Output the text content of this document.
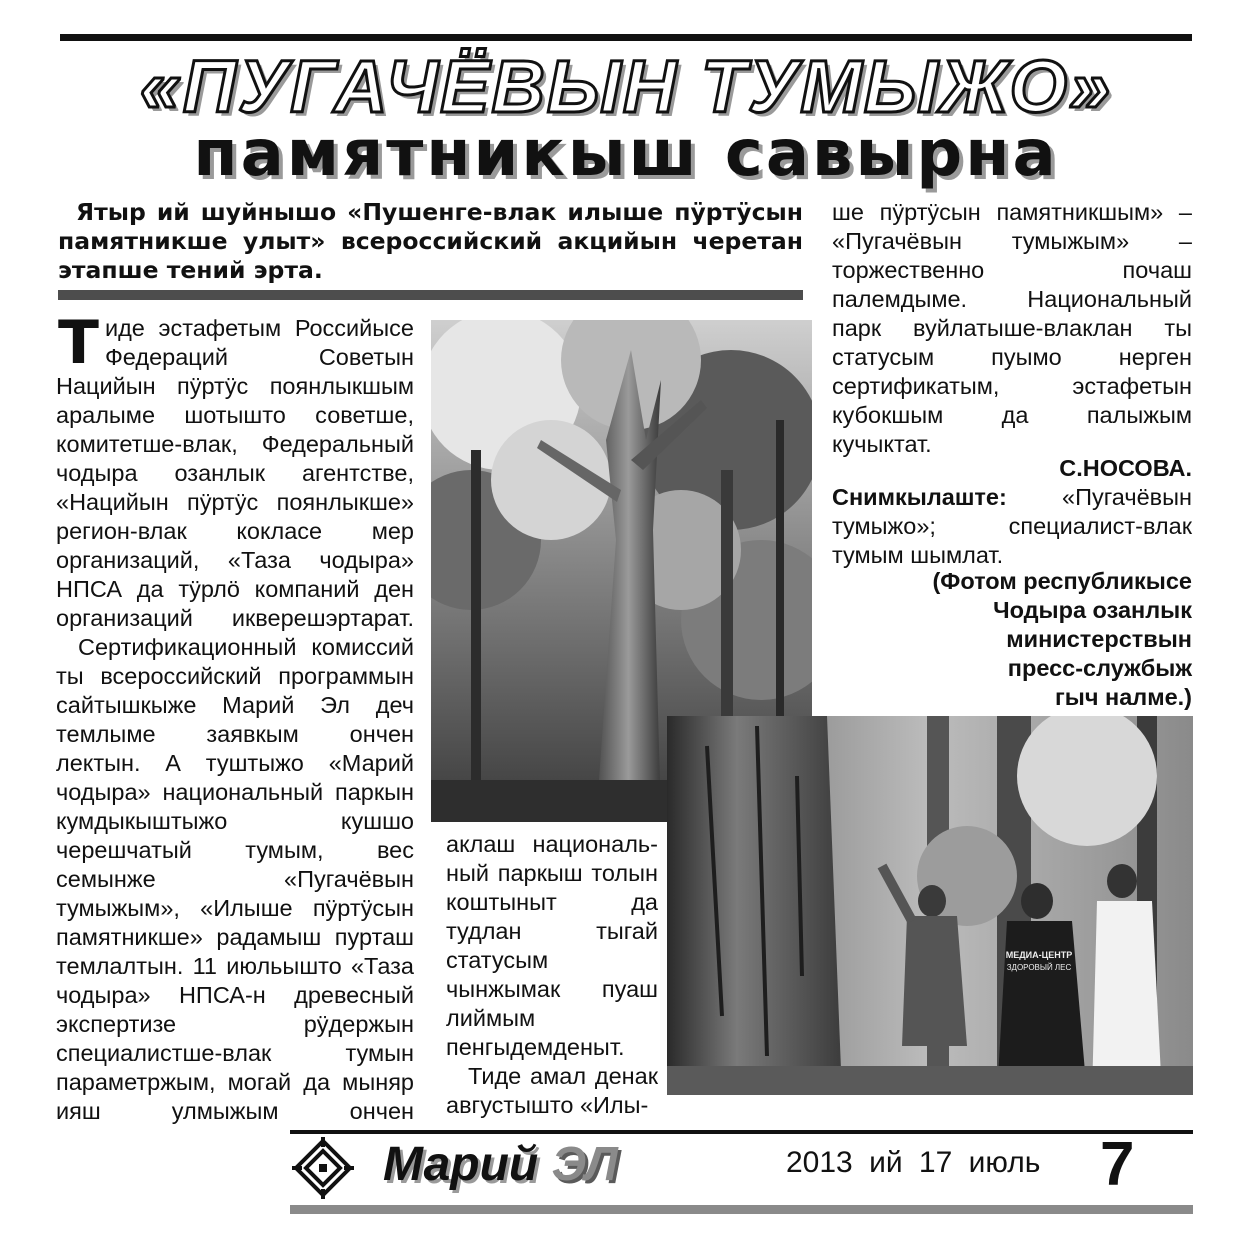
«ПУГАЧЁВЫН ТУМЫЖО»
памятникыш савырна
Ятыр ий шуйнышо «Пушенге-влак илыше пӱртӱсын памятникше улыт» всероссийский акцийын черетан этапше тений эрта.

Т иде эстафетым Российысе Федераций Советын Нацийын пӱртӱс поянлыкшым аралыме шотышто советше, комитетше-влак, Федеральный чодыра озанлык агентстве, «Нацийын пӱртӱс поянлыкше» регион-влак кокласе мер организаций, «Таза чодыра» НПСА да тӱрлӧ компаний ден организаций икверешэртарат.

Сертификационный комиссий ты всероссийский программын сайтышкыже Марий Эл деч темлыме заявкым ончен лектын. А туштыжо «Марий чодыра» национальный паркын кумдыкыштыжо кушшо черешчатый тумым, вес семынже «Пугачёвын тумыжым», «Илыше пӱртӱсын памятникше» радамыш пурташ темлалтын. 11 июльышто «Таза чодыра» НПСА-н древесный экспертизе рӱдержын специалистше-влак тумын параметржым, могай да мыняр ияш улмыжым ончен

аклаш националь-ный паркыш толын коштыныт да тудлан тыгай статусым чынжымак пуаш лиймым пенгыдемденыт.

Тиде амал денак августышто «Илы-

ше пӱртӱсын памятникшым» – «Пугачёвын тумыжым» – торжественно почаш палемдыме. Национальный парк вуйлатыше-влаклан ты статусым пуымо нерген сертификатым, эстафетын кубокшым да палыжым кучыктат.

С.НОСОВА.
Снимкылаште: «Пугачёвын тумыжо»; специалист-влак тумым шымлат.
(Фотом республикысе
Чодыра озанлык
министерствын
пресс-службыж
гыч налме.)
МЕДИА-ЦЕНТР
ЗДОРОВЫЙ ЛЕС
Марий ЭЛ	2013 ий 17 июль 7
